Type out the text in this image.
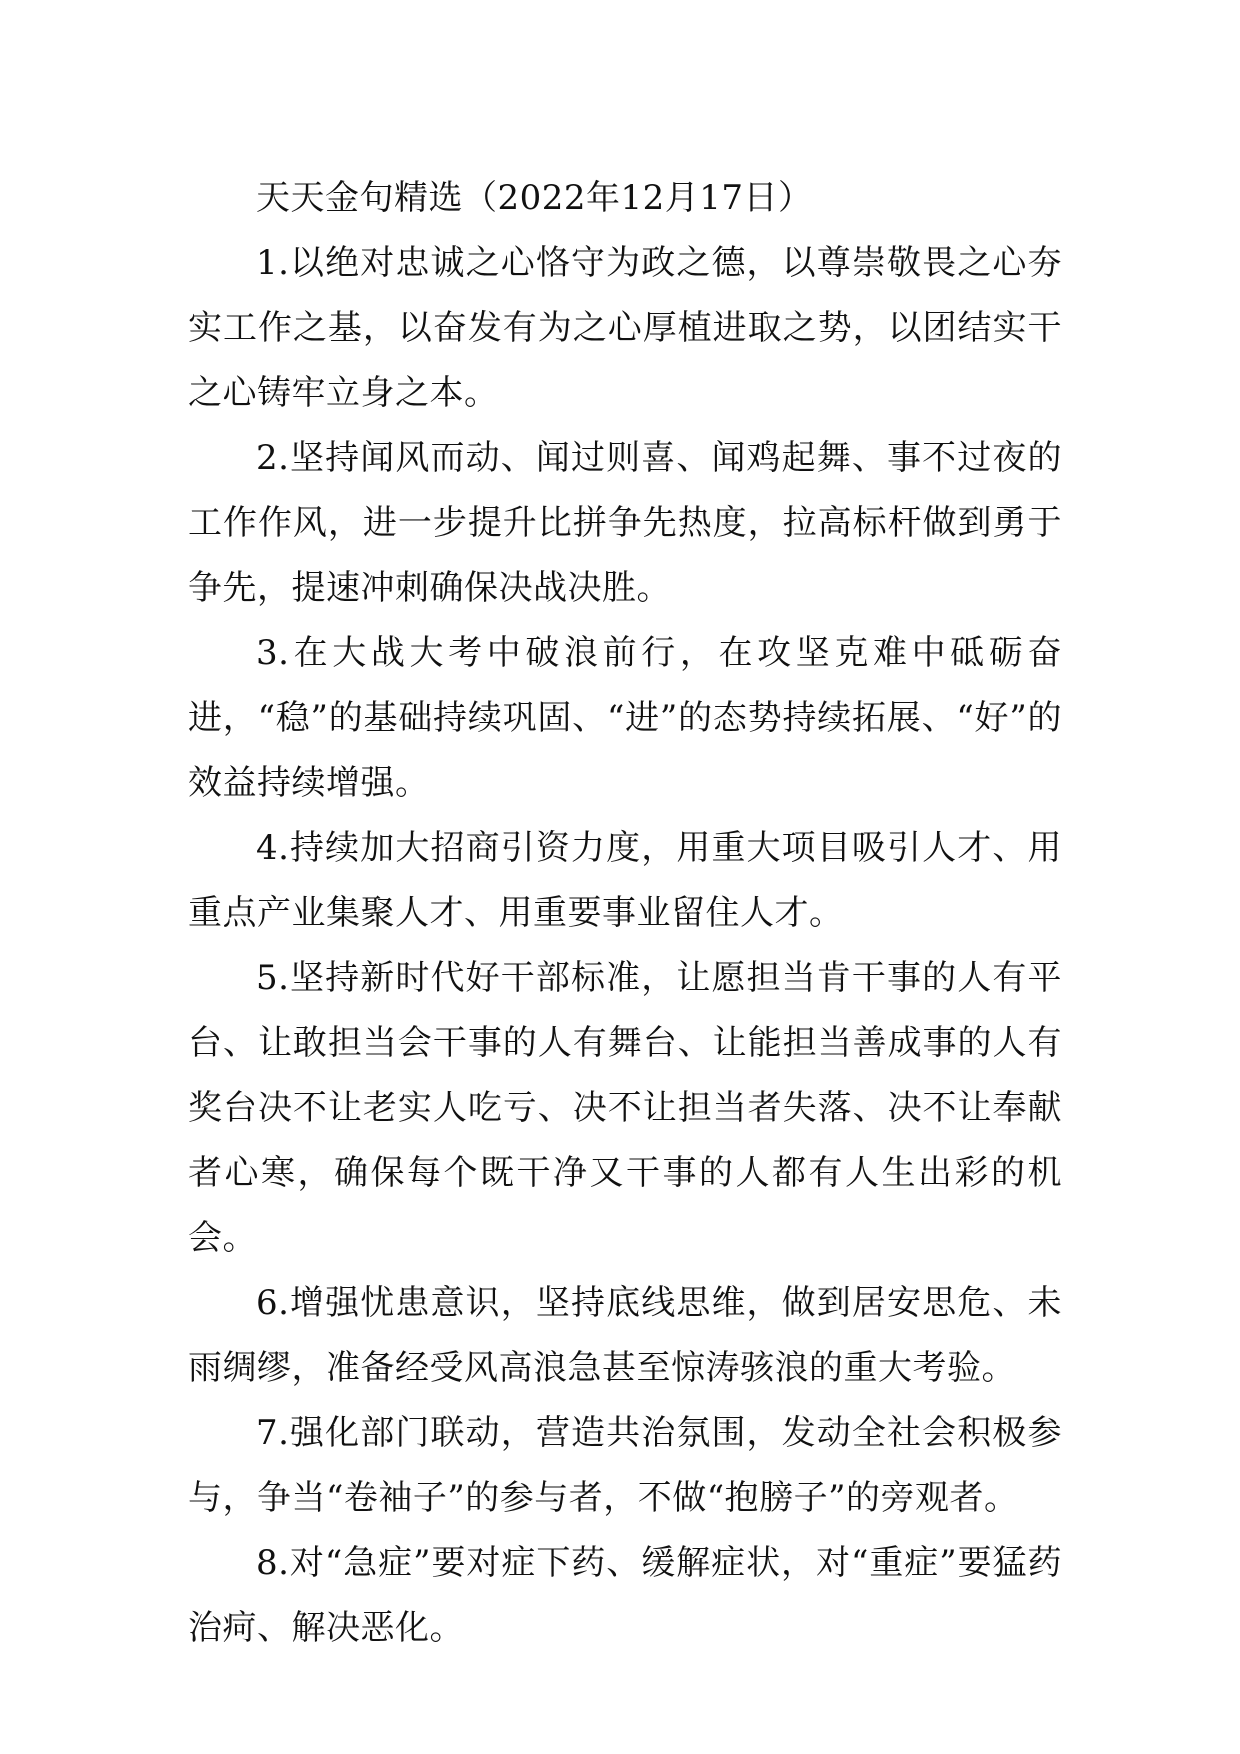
天天金句精选（2022年12月17日）

1.以绝对忠诚之心恪守为政之德，以尊崇敬畏之心夯实工作之基，以奋发有为之心厚植进取之势，以团结实干之心铸牢立身之本。

2.坚持闻风而动、闻过则喜、闻鸡起舞、事不过夜的工作作风，进一步提升比拼争先热度，拉高标杆做到勇于争先，提速冲刺确保决战决胜。

3.在大战大考中破浪前行，在攻坚克难中砥砺奋进，“稳”的基础持续巩固、“进”的态势持续拓展、“好”的效益持续增强。

4.持续加大招商引资力度，用重大项目吸引人才、用重点产业集聚人才、用重要事业留住人才。

5.坚持新时代好干部标准，让愿担当肯干事的人有平台、让敢担当会干事的人有舞台、让能担当善成事的人有奖台决不让老实人吃亏、决不让担当者失落、决不让奉献者心寒，确保每个既干净又干事的人都有人生出彩的机会。

6.增强忧患意识，坚持底线思维，做到居安思危、未雨绸缪，准备经受风高浪急甚至惊涛骇浪的重大考验。

7.强化部门联动，营造共治氛围，发动全社会积极参与，争当“卷袖子”的参与者，不做“抱膀子”的旁观者。

8.对“急症”要对症下药、缓解症状，对“重症”要猛药治疴、解决恶化。
